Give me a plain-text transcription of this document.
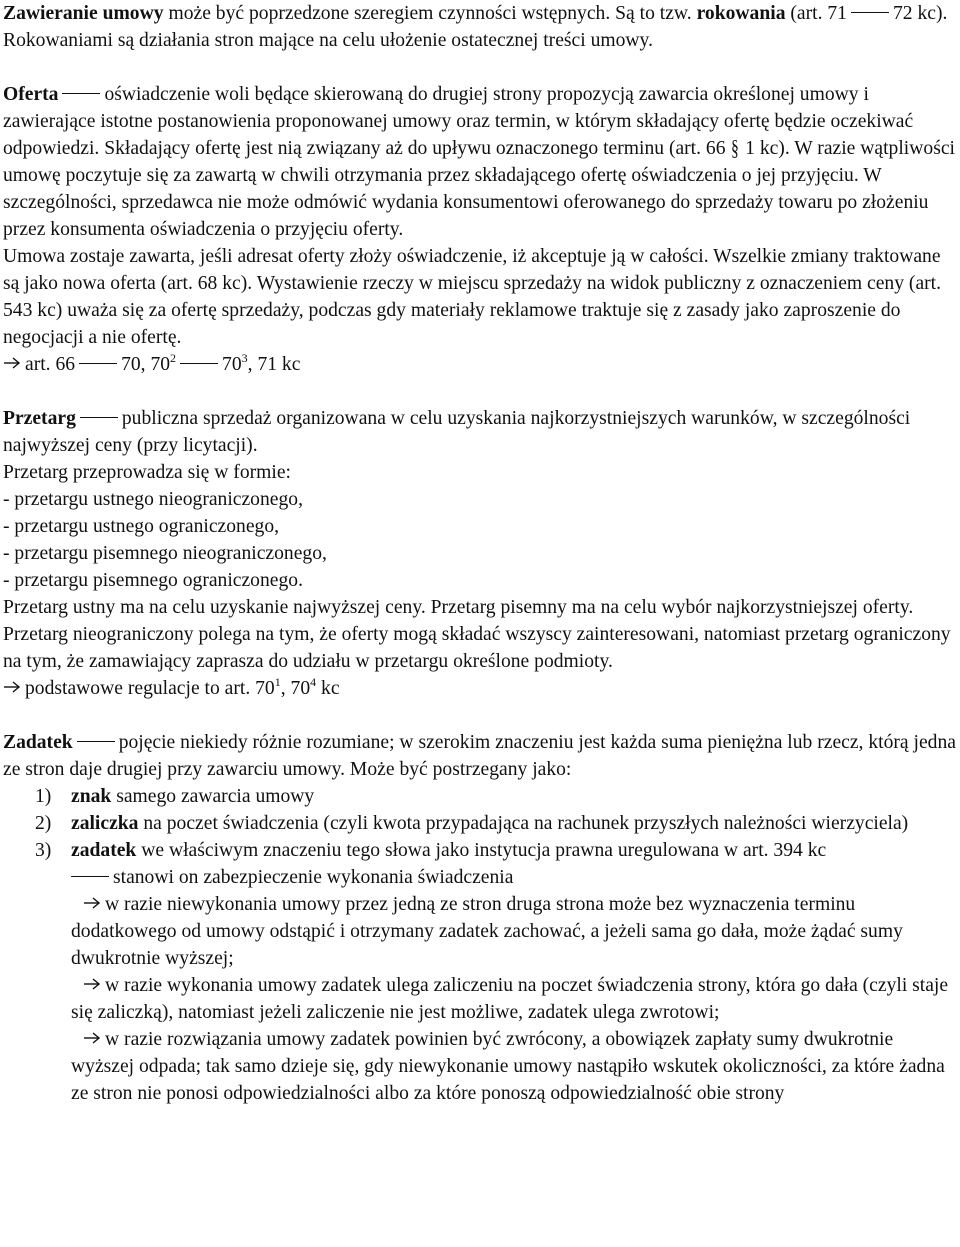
Zawieranie umowy może być poprzedzone szeregiem czynności wstępnych. Są to tzw. rokowania (art. 71 72 kc). Rokowaniami są działania stron mające na celu ułożenie ostatecznej treści umowy.

Oferta oświadczenie woli będące skierowaną do drugiej strony propozycją zawarcia określonej umowy i zawierające istotne postanowienia proponowanej umowy oraz termin, w którym składający ofertę będzie oczekiwać odpowiedzi. Składający ofertę jest nią związany aż do upływu oznaczonego terminu (art. 66 § 1 kc). W razie wątpliwości umowę poczytuje się za zawartą w chwili otrzymania przez składającego ofertę oświadczenia o jej przyjęciu. W szczególności, sprzedawca nie może odmówić wydania konsumentowi oferowanego do sprzedaży towaru po złożeniu przez konsumenta oświadczenia o przyjęciu oferty.

Umowa zostaje zawarta, jeśli adresat oferty złoży oświadczenie, iż akceptuje ją w całości. Wszelkie zmiany traktowane są jako nowa oferta (art. 68 kc). Wystawienie rzeczy w miejscu sprzedaży na widok publiczny z oznaczeniem ceny (art. 543 kc) uważa się za ofertę sprzedaży, podczas gdy materiały reklamowe traktuje się z zasady jako zaproszenie do negocjacji a nie ofertę.

art. 66 70, $70^2$ $70^3$, 71 kc

Przetarg publiczna sprzedaż organizowana w celu uzyskania najkorzystniejszych warunków, w szczególności najwyższej ceny (przy licytacji).

Przetarg przeprowadza się w formie:

- przetargu ustnego nieograniczonego,

- przetargu ustnego ograniczonego,

- przetargu pisemnego nieograniczonego,

- przetargu pisemnego ograniczonego.

Przetarg ustny ma na celu uzyskanie najwyższej ceny. Przetarg pisemny ma na celu wybór najkorzystniejszej oferty.

Przetarg nieograniczony polega na tym, że oferty mogą składać wszyscy zainteresowani, natomiast przetarg ograniczony na tym, że zamawiający zaprasza do udziału w przetargu określone podmioty.

podstawowe regulacje to art. $70^1$, $70^4$ kc

Zadatek pojęcie niekiedy różnie rozumiane; w szerokim znaczeniu jest każda suma pieniężna lub rzecz, którą jedna ze stron daje drugiej przy zawarciu umowy. Może być postrzegany jako:

1) znak samego zawarcia umowy
2) zaliczka na poczet świadczenia (czyli kwota przypadająca na rachunek przyszłych należności wierzyciela)
3) zadatek we właściwym znaczeniu tego słowa jako instytucja prawna uregulowana w art. 394 kc

stanowi on zabezpieczenie wykonania świadczenia

w razie niewykonania umowy przez jedną ze stron druga strona może bez wyznaczenia terminu dodatkowego od umowy odstąpić i otrzymany zadatek zachować, a jeżeli sama go dała, może żądać sumy dwukrotnie wyższej;

w razie wykonania umowy zadatek ulega zaliczeniu na poczet świadczenia strony, która go dała (czyli staje się zaliczką), natomiast jeżeli zaliczenie nie jest możliwe, zadatek ulega zwrotowi;

w razie rozwiązania umowy zadatek powinien być zwrócony, a obowiązek zapłaty sumy dwukrotnie wyższej odpada; tak samo dzieje się, gdy niewykonanie umowy nastąpiło wskutek okoliczności, za które żadna ze stron nie ponosi odpowiedzialności albo za które ponoszą odpowiedzialność obie strony
